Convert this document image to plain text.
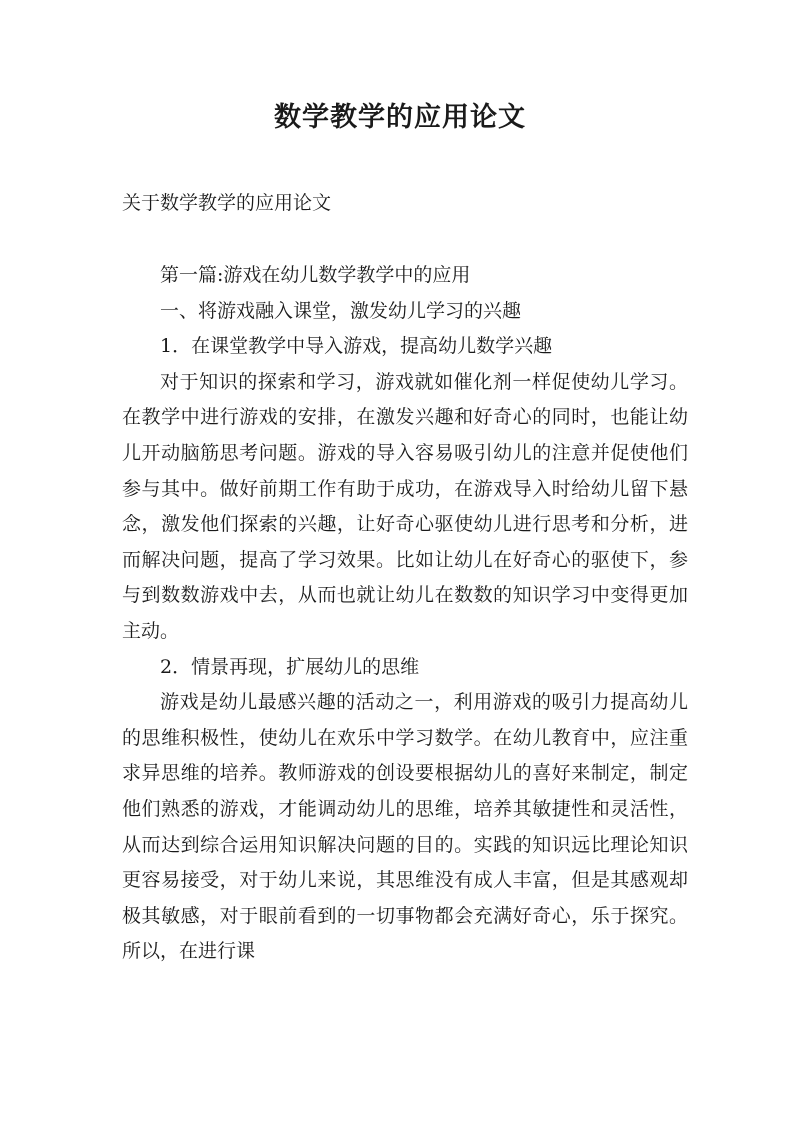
数学教学的应用论文

关于数学教学的应用论文

第一篇:游戏在幼儿数学教学中的应用

一、将游戏融入课堂，激发幼儿学习的兴趣

1．在课堂教学中导入游戏，提高幼儿数学兴趣

对于知识的探索和学习，游戏就如催化剂一样促使幼儿学习。在教学中进行游戏的安排，在激发兴趣和好奇心的同时，也能让幼儿开动脑筋思考问题。游戏的导入容易吸引幼儿的注意并促使他们参与其中。做好前期工作有助于成功，在游戏导入时给幼儿留下悬念，激发他们探索的兴趣，让好奇心驱使幼儿进行思考和分析，进而解决问题，提高了学习效果。比如让幼儿在好奇心的驱使下，参与到数数游戏中去，从而也就让幼儿在数数的知识学习中变得更加主动。

2．情景再现，扩展幼儿的思维

游戏是幼儿最感兴趣的活动之一，利用游戏的吸引力提高幼儿的思维积极性，使幼儿在欢乐中学习数学。在幼儿教育中，应注重求异思维的培养。教师游戏的创设要根据幼儿的喜好来制定，制定他们熟悉的游戏，才能调动幼儿的思维，培养其敏捷性和灵活性，从而达到综合运用知识解决问题的目的。实践的知识远比理论知识更容易接受，对于幼儿来说，其思维没有成人丰富，但是其感观却极其敏感，对于眼前看到的一切事物都会充满好奇心，乐于探究。所以，在进行课
